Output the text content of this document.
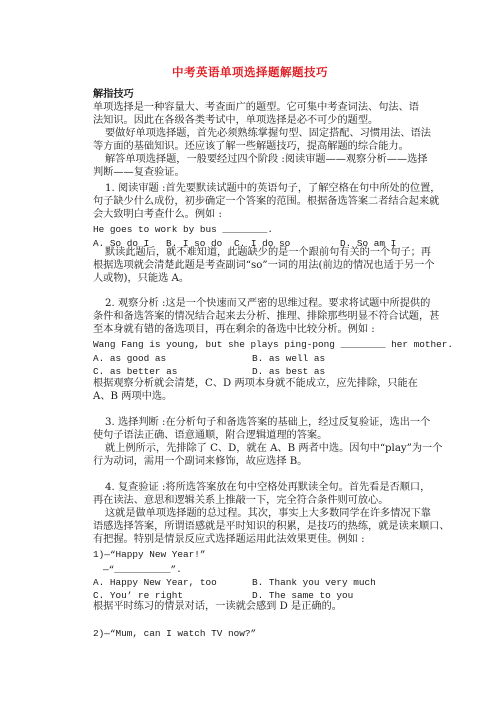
中考英语单项选择题解题技巧
解指技巧
单项选择是一种容量大、考查面广的题型。它可集中考查词法、句法、语
法知识。因此在各级各类考试中，单项选择是必不可少的题型。
要做好单项选择题，首先必须熟练掌握句型、固定搭配、习惯用法、语法
等方面的基础知识。还应该了解一些解题技巧，提高解题的综合能力。
解答单项选择题，一般要经过四个阶段 :阅读审题——观察分析——选择
判断——复查验证。
1. 阅读审题 :首先要默读试题中的英语句子，了解空格在句中所处的位置，
句子缺少什么成份，初步确定一个答案的范围。根据备选答案二者结合起来就
会大致明白考查什么。例如 :
He goes to work by bus ________.
默读此题后，就不难知道，此题缺少的是一个跟前句有关的一个句子；再
根据选项就会清楚此题是考查副词“so”一词的用法(前边的情况也适于另一个
人或物)，只能选 A。
2. 观察分析 :这是一个快速而又严密的思维过程。要求将试题中所提供的
条件和备选答案的情况结合起来去分析、推理、排除那些明显不符合试题，甚
至本身就有错的备选项目，再在剩余的备选中比较分析。例如 :
Wang Fang is young, but she plays ping-pong ________ her mother.
根据观察分析就会清楚，C、D 两项本身就不能成立，应先排除，只能在
A、B 两项中选。
3. 选择判断 :在分析句子和备选答案的基础上，经过反复验证，选出一个
使句子语法正确、语意通顺，附合逻辑道理的答案。
就上例所示，先排除了 C、D，就在 A、B 两者中选。因句中“play”为一个
行为动词，需用一个副词来修饰，故应选择 B。
4. 复查验证 :将所选答案放在句中空格处再默读全句。首先看是否顺口，
再在读法、意思和逻辑关系上推敲一下，完全符合条件则可放心。
这就是做单项选择题的总过程。其次，事实上大多数同学在许多情况下靠
语感选择答案，所谓语感就是平时知识的积累，是技巧的热练，就是读来顺口、
有把握。特别是情景反应式选择题运用此法效果更佳。例如 :
1)—“Happy New Year!”
—“__________”.
根据平时练习的情景对话，一读就会感到 D 是正确的。
2)—“Mum, can I watch TV now?”
A. So do I B. I so do C. I do so	D. So am I
A. as good as	B. as well as
C. as better as	D. as best as
A. Happy New Year, too	B. Thank you very much
C. You’ re right	D. The same to you
